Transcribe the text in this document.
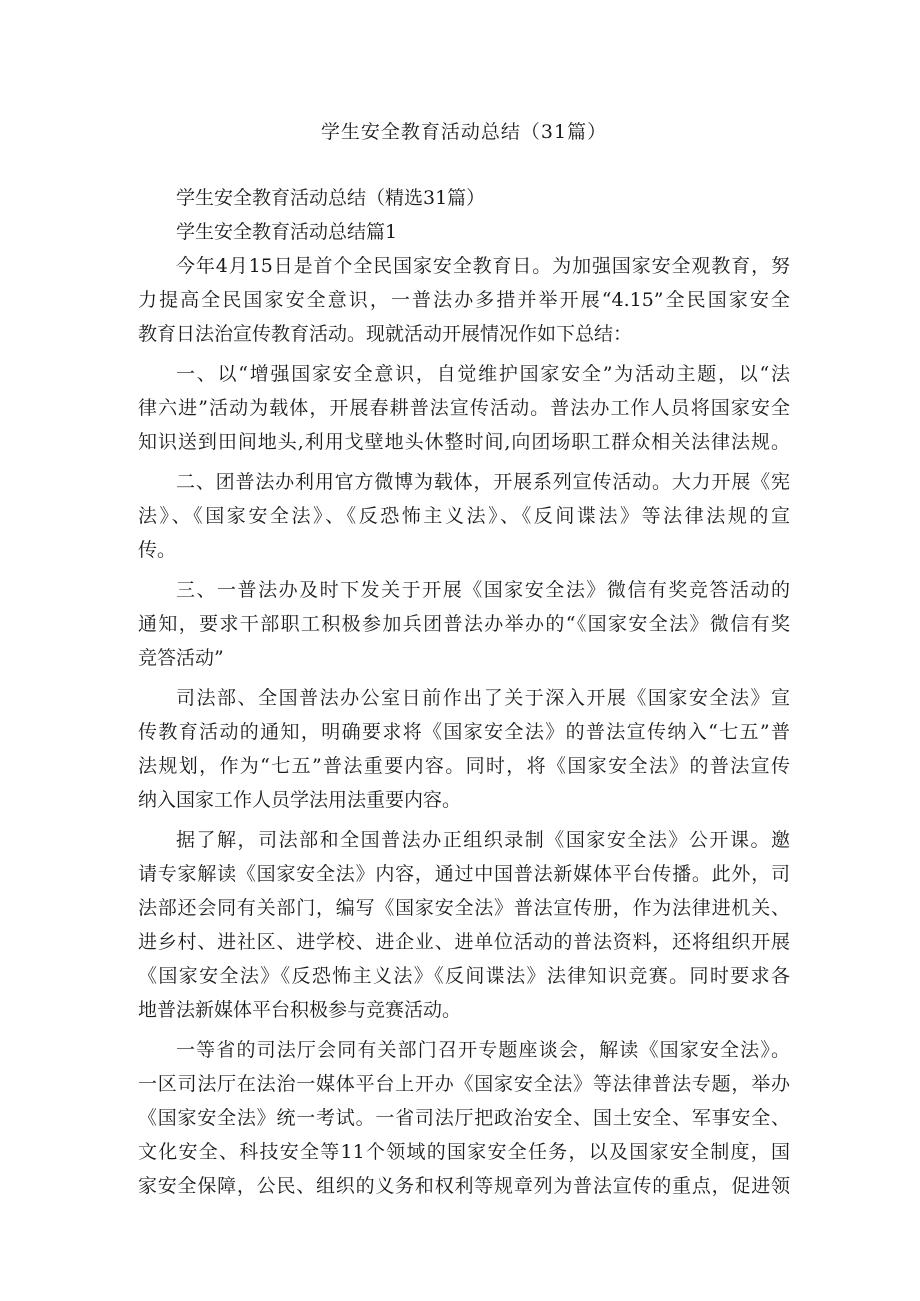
学生安全教育活动总结（31篇）
学生安全教育活动总结（精选31篇）
学生安全教育活动总结篇1
今年4月15日是首个全民国家安全教育日。为加强国家安全观教育，努
力提高全民国家安全意识，一普法办多措并举开展“4.15”全民国家安全
教育日法治宣传教育活动。现就活动开展情况作如下总结：
一、以“增强国家安全意识，自觉维护国家安全”为活动主题，以“法
律六进”活动为载体，开展春耕普法宣传活动。普法办工作人员将国家安全
知识送到田间地头,利用戈壁地头休整时间,向团场职工群众相关法律法规。
二、团普法办利用官方微博为载体，开展系列宣传活动。大力开展《宪
法》、《国家安全法》、《反恐怖主义法》、《反间谍法》等法律法规的宣
传。
三、一普法办及时下发关于开展《国家安全法》微信有奖竞答活动的
通知，要求干部职工积极参加兵团普法办举办的“《国家安全法》微信有奖
竞答活动”
司法部、全国普法办公室日前作出了关于深入开展《国家安全法》宣
传教育活动的通知，明确要求将《国家安全法》的普法宣传纳入“七五”普
法规划，作为“七五”普法重要内容。同时，将《国家安全法》的普法宣传
纳入国家工作人员学法用法重要内容。
据了解，司法部和全国普法办正组织录制《国家安全法》公开课。邀
请专家解读《国家安全法》内容，通过中国普法新媒体平台传播。此外，司
法部还会同有关部门，编写《国家安全法》普法宣传册，作为法律进机关、
进乡村、进社区、进学校、进企业、进单位活动的普法资料，还将组织开展
《国家安全法》《反恐怖主义法》《反间谍法》法律知识竞赛。同时要求各
地普法新媒体平台积极参与竞赛活动。
一等省的司法厅会同有关部门召开专题座谈会，解读《国家安全法》。
一区司法厅在法治一媒体平台上开办《国家安全法》等法律普法专题，举办
《国家安全法》统一考试。一省司法厅把政治安全、国土安全、军事安全、
文化安全、科技安全等11个领域的国家安全任务，以及国家安全制度，国
家安全保障，公民、组织的义务和权利等规章列为普法宣传的重点，促进领
